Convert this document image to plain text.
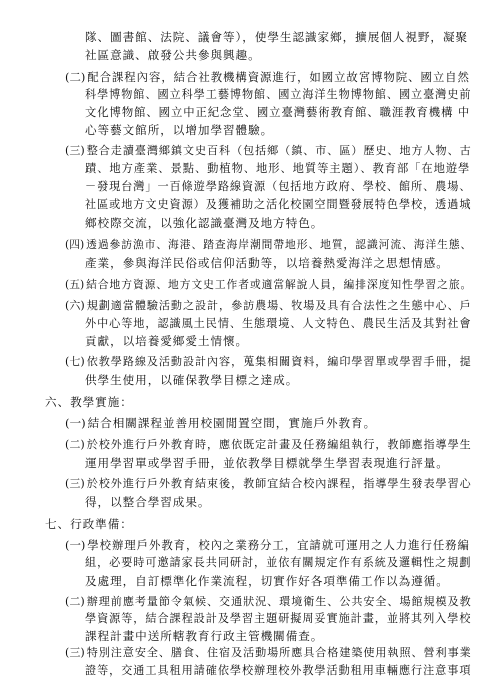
隊、圖書館、法院、議會等），使學生認識家鄉，擴展個人視野，凝聚
社區意識、啟發公共參與興趣。
(二) 配合課程內容，結合社教機構資源進行，如國立故宮博物院、國立自然
科學博物館、國立科學工藝博物館、國立海洋生物博物館、國立臺灣史前
文化博物館、國立中正紀念堂、國立臺灣藝術教育館、職涯教育機構 中
心等藝文館所，以增加學習體驗。
(三) 整合走讀臺灣鄉鎮文史百科（包括鄉（鎮、市、區）歷史、地方人物、古
蹟、地方產業、景點、動植物、地形、地質等主題）、教育部「在地遊學
－發現台灣」一百條遊學路線資源（包括地方政府、學校、館所、農場、
社區或地方文史資源）及獲補助之活化校園空間暨發展特色學校，透過城
鄉校際交流，以強化認識臺灣及地方特色。
(四) 透過參訪漁市、海港、踏查海岸潮間帶地形、地質，認識河流、海洋生態、
產業，參與海洋民俗或信仰活動等，以培養熱愛海洋之思想情感。
(五) 結合地方資源、地方文史工作者或適當解說人員，編排深度知性學習之旅。
(六) 規劃適當體驗活動之設計，參訪農場、牧場及具有合法性之生態中心、戶
外中心等地，認識風土民情、生態環境、人文特色、農民生活及其對社會
貢獻，以培養愛鄉愛土情懷。
(七) 依教學路線及活動設計內容，蒐集相關資料，編印學習單或學習手冊，提
供學生使用，以確保教學目標之達成。
六、教學實施：
(一) 結合相關課程並善用校園閒置空間，實施戶外教育。
(二) 於校外進行戶外教育時，應依既定計畫及任務編組執行，教師應指導學生
運用學習單或學習手冊，並依教學目標就學生學習表現進行評量。
(三) 於校外進行戶外教育結束後，教師宜結合校內課程，指導學生發表學習心
得，以整合學習成果。
七、行政準備：
(一) 學校辦理戶外教育，校內之業務分工，宜請就可運用之人力進行任務編
組，必要時可邀請家長共同研討，並依有關規定作有系統及邏輯性之規劃
及處理，自訂標準化作業流程，切實作好各項準備工作以為遵循。
(二) 辦理前應考量節令氣候、交通狀況、環境衛生、公共安全、場館規模及教
學資源等，結合課程設計及學習主題研擬周妥實施計畫，並將其列入學校
課程計畫中送所轄教育行政主管機關備查。
(三) 特別注意安全、膳食、住宿及活動場所應具合格建築使用執照、營利事業
證等，交通工具租用請確依學校辦理校外教學活動租用車輛應行注意事項
